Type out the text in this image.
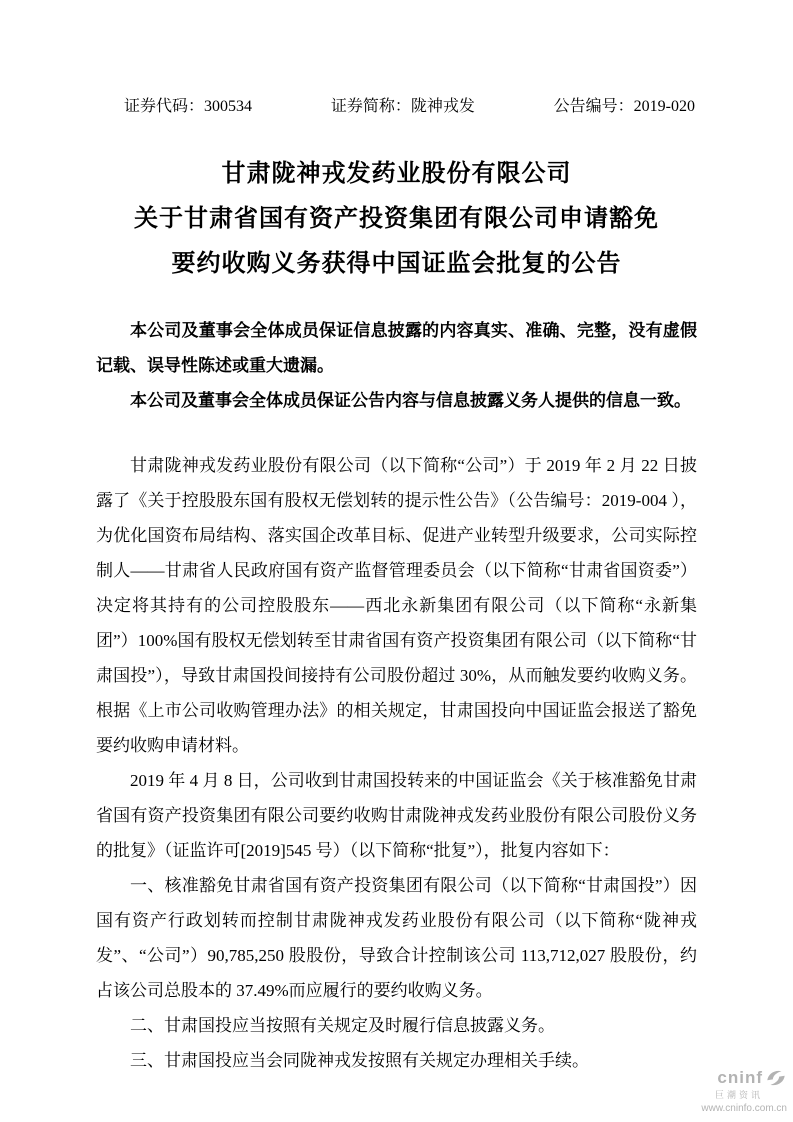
证券代码：300534	证券简称：陇神戎发	公告编号：2019-020
甘肃陇神戎发药业股份有限公司
关于甘肃省国有资产投资集团有限公司申请豁免
要约收购义务获得中国证监会批复的公告

本公司及董事会全体成员保证信息披露的内容真实、准确、完整，没有虚假记载、误导性陈述或重大遗漏。

本公司及董事会全体成员保证公告内容与信息披露义务人提供的信息一致。

甘肃陇神戎发药业股份有限公司（以下简称“公司”）于 2019 年 2 月 22 日披露了《关于控股股东国有股权无偿划转的提示性公告》（公告编号：2019-004 ），为优化国资布局结构、落实国企改革目标、促进产业转型升级要求，公司实际控制人——甘肃省人民政府国有资产监督管理委员会（以下简称“甘肃省国资委”）决定将其持有的公司控股股东——西北永新集团有限公司（以下简称“永新集团”）100%国有股权无偿划转至甘肃省国有资产投资集团有限公司（以下简称“甘肃国投”），导致甘肃国投间接持有公司股份超过 30%，从而触发要约收购义务。根据《上市公司收购管理办法》的相关规定，甘肃国投向中国证监会报送了豁免要约收购申请材料。

2019 年 4 月 8 日，公司收到甘肃国投转来的中国证监会《关于核准豁免甘肃省国有资产投资集团有限公司要约收购甘肃陇神戎发药业股份有限公司股份义务的批复》（证监许可[2019]545 号）（以下简称“批复”），批复内容如下：

一、核准豁免甘肃省国有资产投资集团有限公司（以下简称“甘肃国投”）因国有资产行政划转而控制甘肃陇神戎发药业股份有限公司（以下简称“陇神戎发”、“公司”）90,785,250 股股份，导致合计控制该公司 113,712,027 股股份，约占该公司总股本的 37.49%而应履行的要约收购义务。

二、甘肃国投应当按照有关规定及时履行信息披露义务。

三、甘肃国投应当会同陇神戎发按照有关规定办理相关手续。

cninf
巨潮资讯
www.cninfo.com.cn
